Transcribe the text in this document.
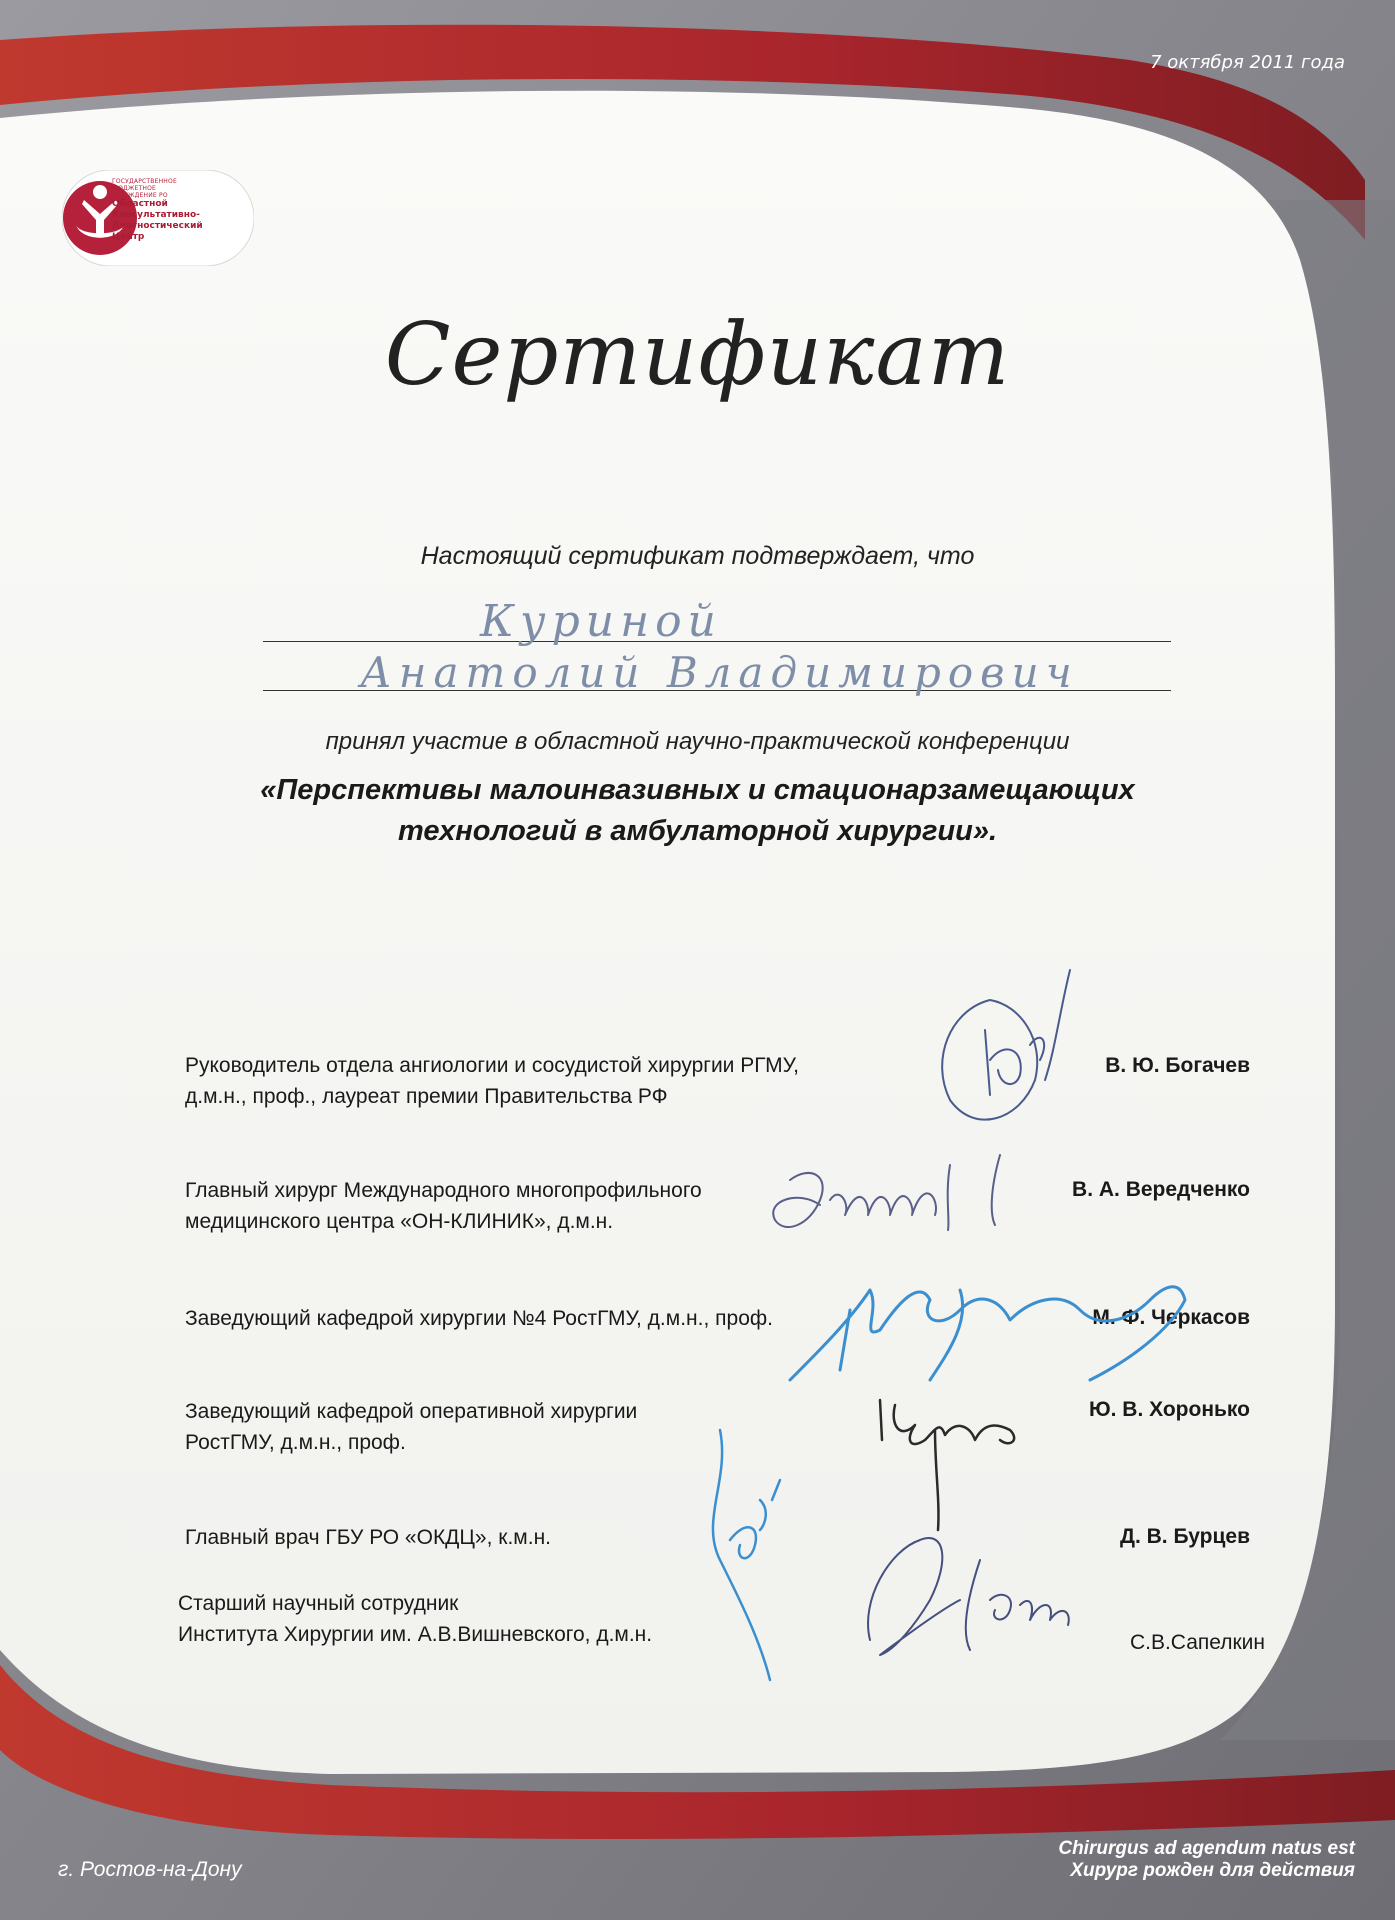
7 октября 2011 года
ГОСУДАРСТВЕННОЕ
БЮДЖЕТНОЕ
УЧРЕЖДЕНИЕ РО
Областной
Консультативно-
Диагностический
Центр
Сертификат
Настоящий сертификат подтверждает, что
Куриной
Анатолий Владимирович
принял участие в областной научно-практической конференции
«Перспективы малоинвазивных и стационарзамещающих
технологий в амбулаторной хирургии».
Руководитель отдела ангиологии и сосудистой хирургии РГМУ,
д.м.н., проф., лауреат премии Правительства РФ
В. Ю. Богачев
Главный хирург Международного многопрофильного
медицинского центра «ОН-КЛИНИК», д.м.н.
В. А. Вередченко
Заведующий кафедрой хирургии №4 РостГМУ, д.м.н., проф.	М. Ф. Черкасов
Заведующий кафедрой оперативной хирургии
РостГМУ, д.м.н., проф.
Ю. В. Хоронько
Главный врач ГБУ РО «ОКДЦ», к.м.н.	Д. В. Бурцев
Старший научный сотрудник
Института Хирургии им. А.В.Вишневского, д.м.н.	С.В.Сапелкин
г. Ростов-на-Дону
Chirurgus ad agendum natus est
Хирург рожден для действия
